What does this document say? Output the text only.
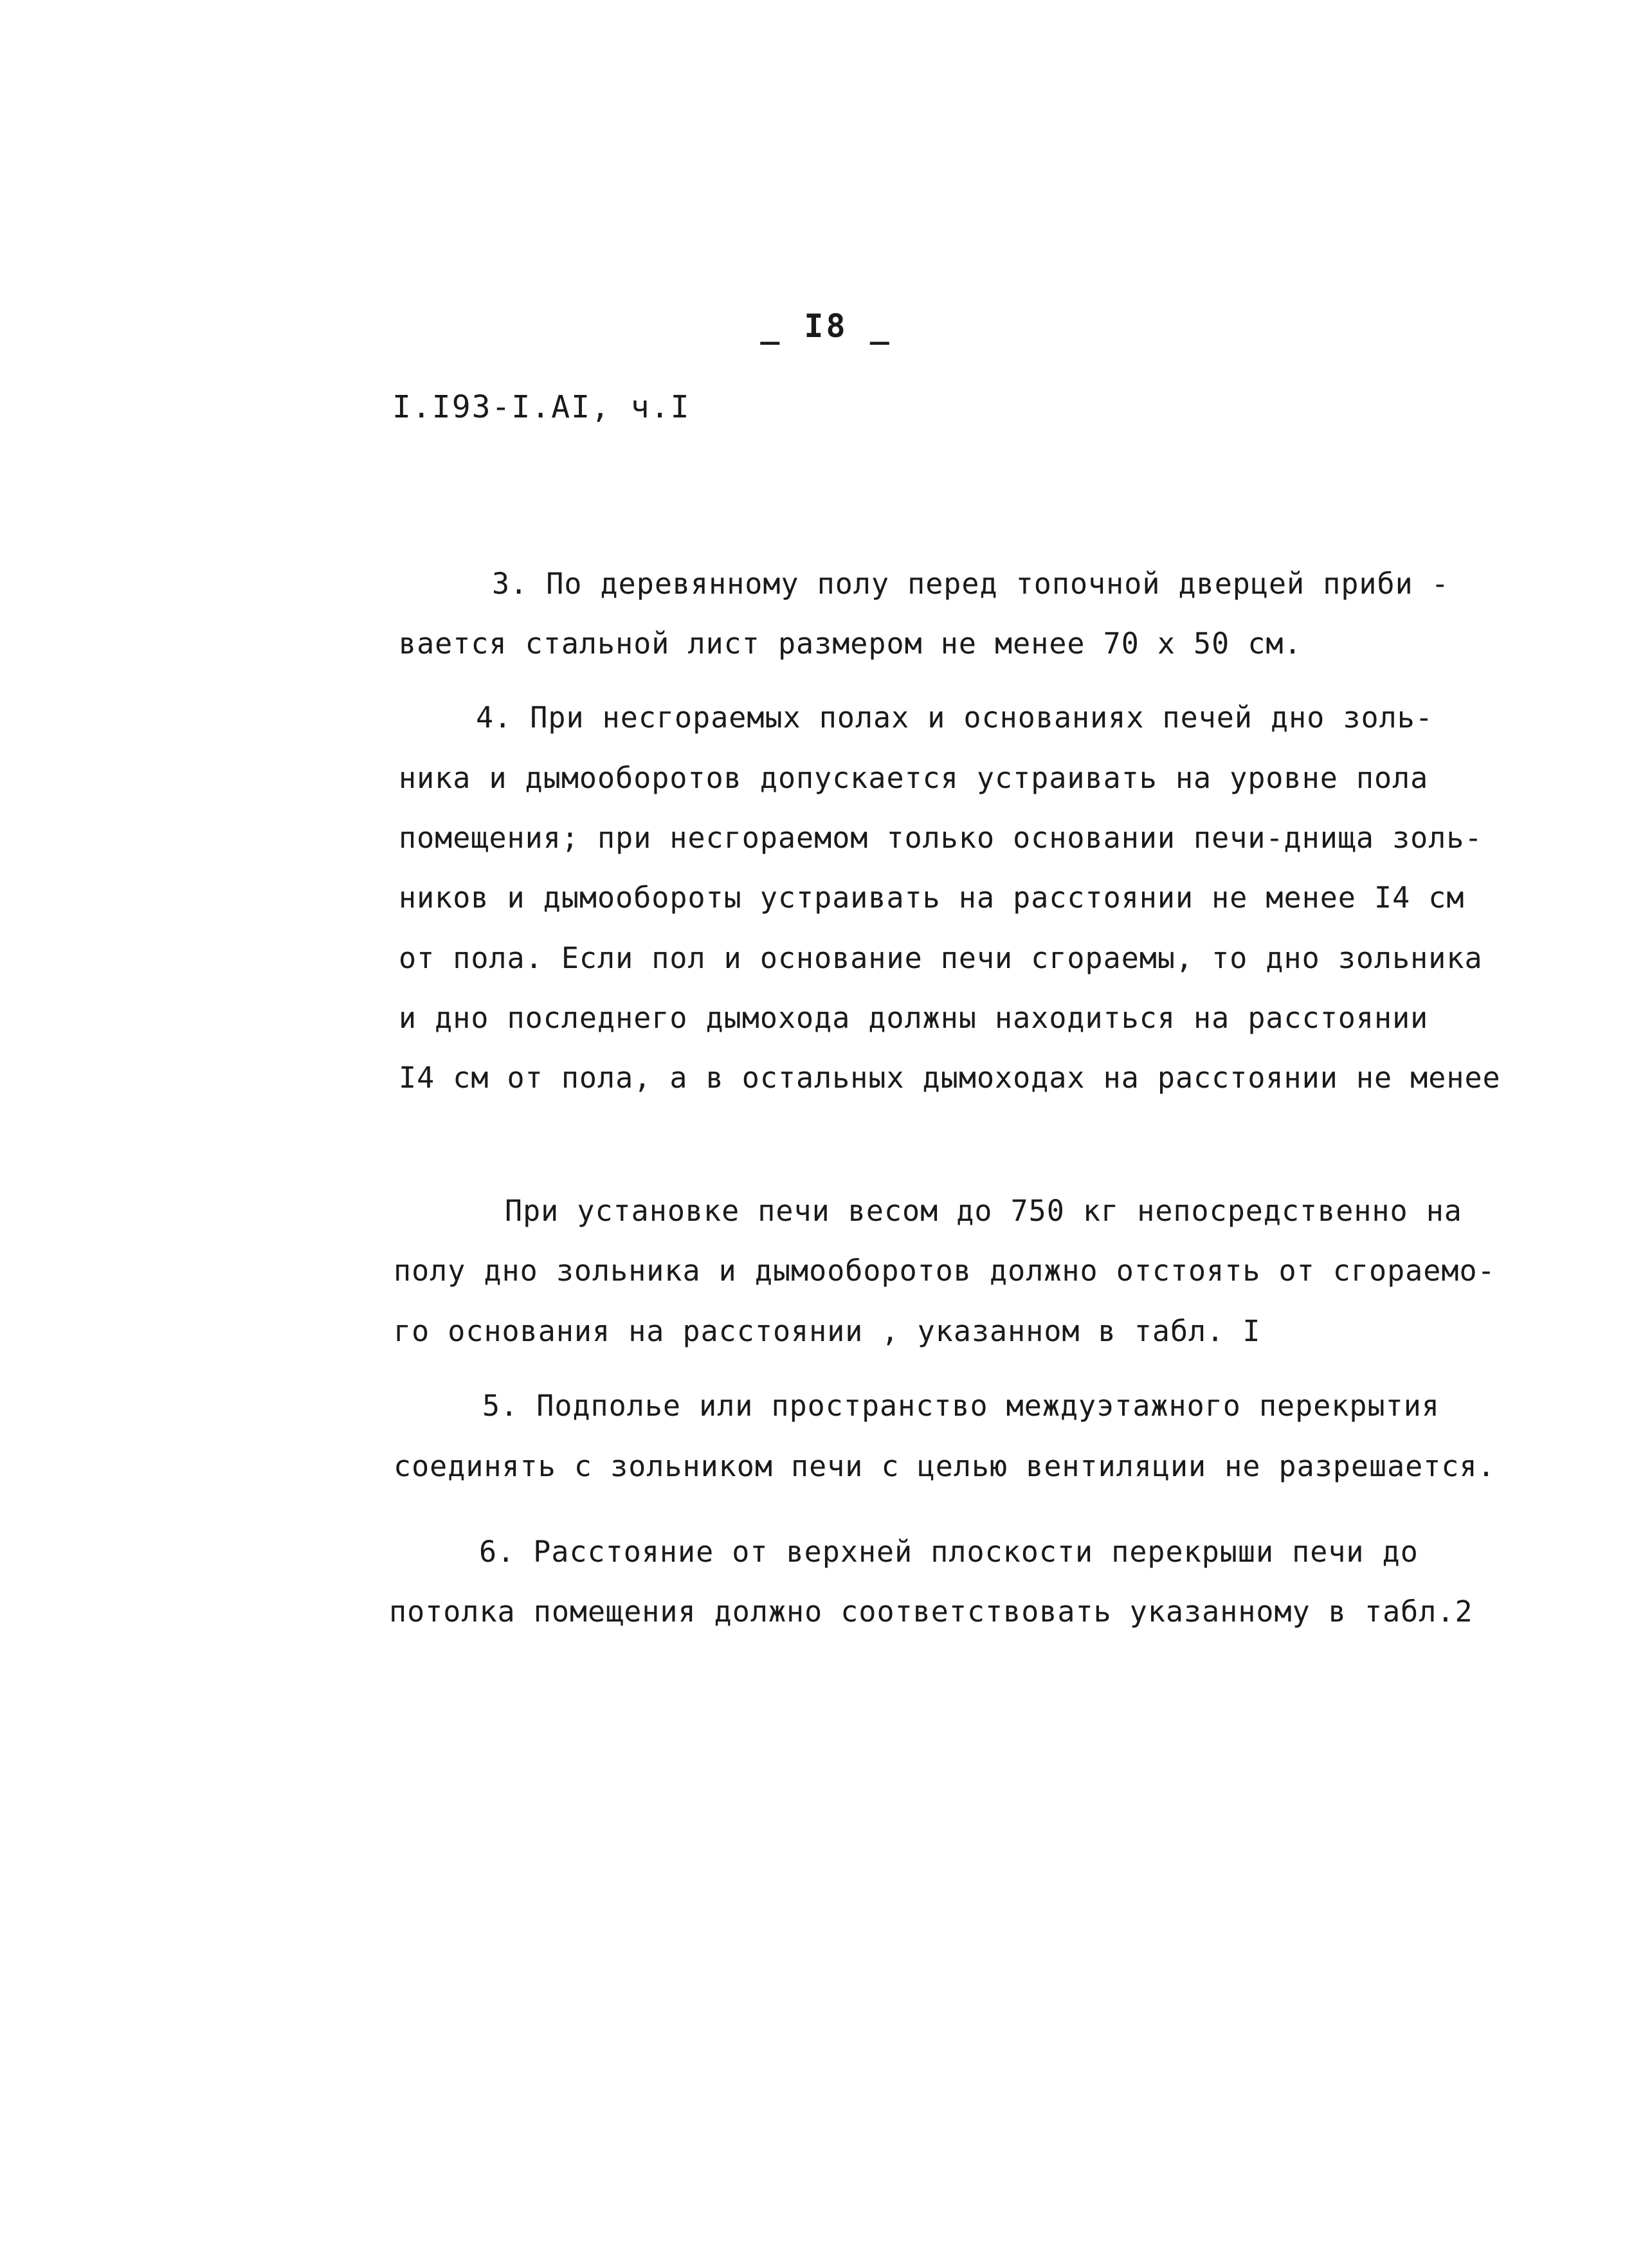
_ I8 _
I.I93-I.AI, ч.I
3. По деревянному полу перед топочной дверцей приби -
вается стальной лист размером не менее 70 х 50 см.
4. При несгораемых полах и основаниях печей дно золь-
ника и дымооборотов допускается устраивать на уровне пола
помещения; при несгораемом только основании печи-днища золь-
ников и дымообороты устраивать на расстоянии не менее I4 см
от пола. Если пол и основание печи сгораемы, то дно зольника
и дно последнего дымохода должны находиться на расстоянии
I4 см от пола, а в остальных дымоходах на расстоянии не менее
При установке печи весом до 750 кг непосредственно на
полу дно зольника и дымооборотов должно отстоять от сгораемо-
го основания на расстоянии , указанном в табл. I
5. Подполье или пространство междуэтажного перекрытия
соединять с зольником печи с целью вентиляции не разрешается.
6. Расстояние от верхней плоскости перекрыши печи до
потолка помещения должно соответствовать указанному в табл.2
